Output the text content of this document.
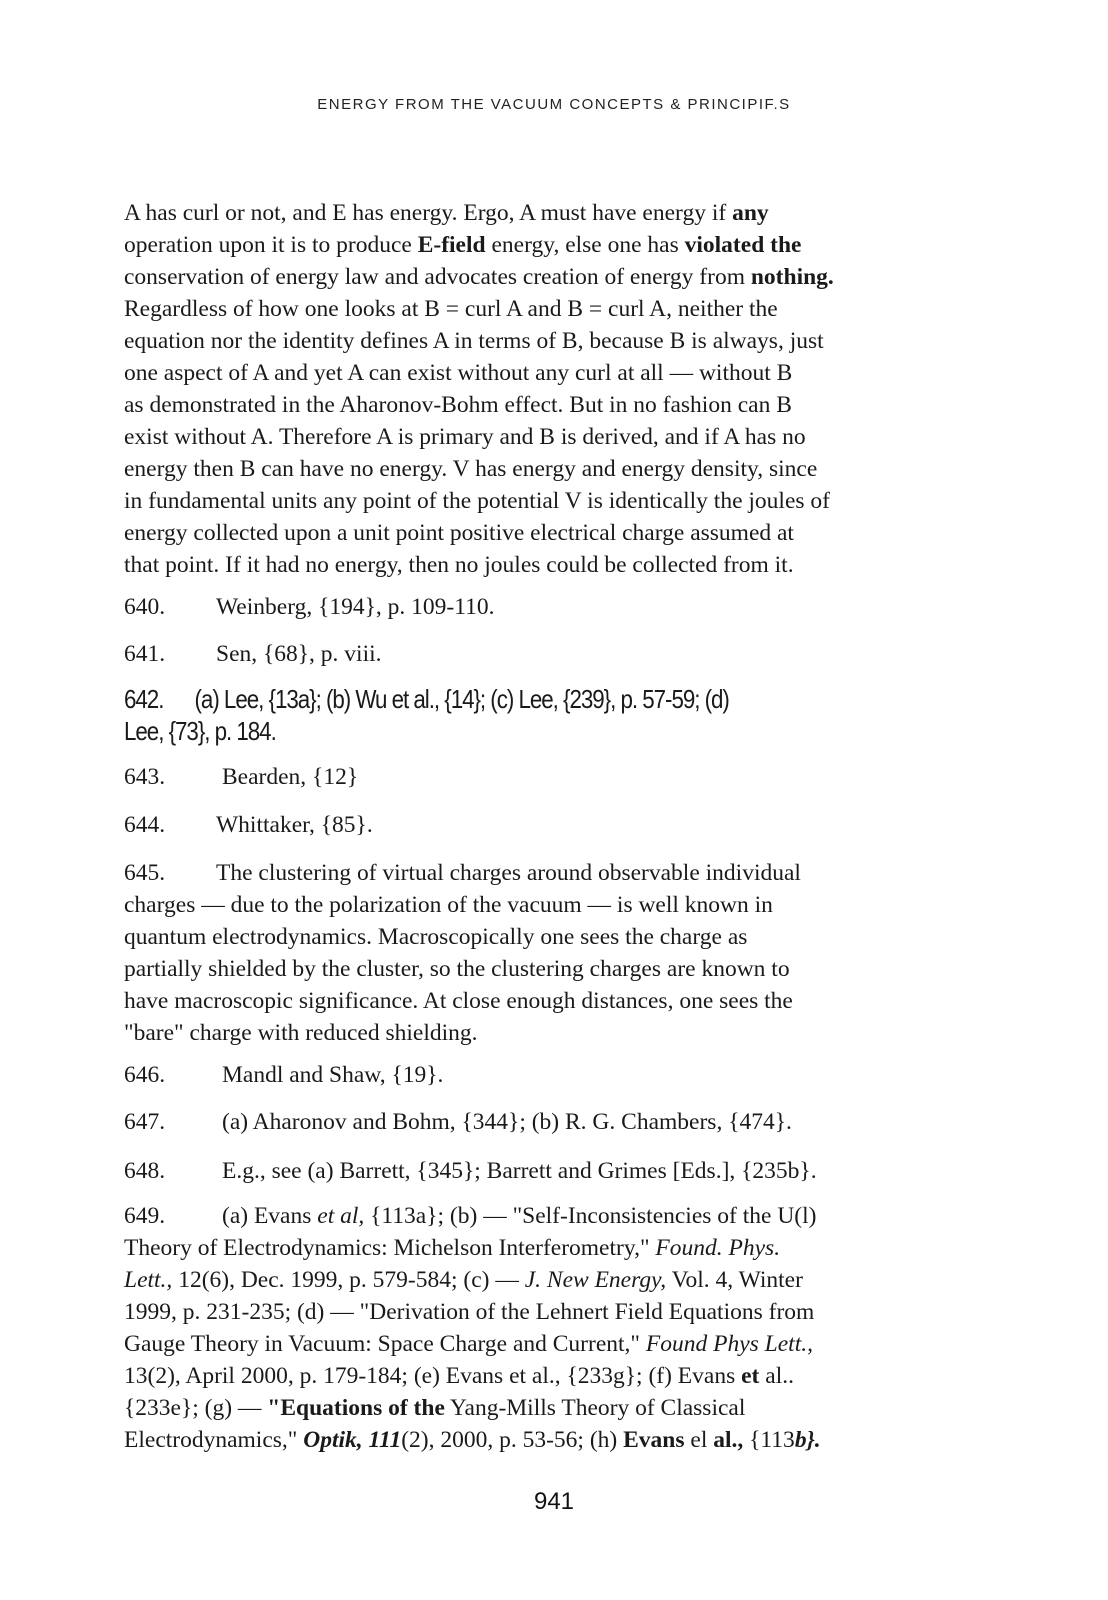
ENERGY FROM THE VACUUM CONCEPTS & PRINCIPIF.S
A has curl or not, and E has energy. Ergo, A must have energy if any
operation upon it is to produce E-field energy, else one has violated the
conservation of energy law and advocates creation of energy from nothing.
Regardless of how one looks at B = curl A and B = curl A, neither the
equation nor the identity defines A in terms of B, because B is always, just
one aspect of A and yet A can exist without any curl at all — without B
as demonstrated in the Aharonov-Bohm effect. But in no fashion can B
exist without A. Therefore A is primary and B is derived, and if A has no
energy then B can have no energy. V has energy and energy density, since
in fundamental units any point of the potential V is identically the joules of
energy collected upon a unit point positive electrical charge assumed at
that point. If it had no energy, then no joules could be collected from it.
640. Weinberg, {194}, p. 109-110.
641. Sen, {68}, p. viii.
642. (a) Lee, {13a}; (b) Wu et al., {14}; (c) Lee, {239}, p. 57-59; (d)
Lee, {73}, p. 184.
643. Bearden, {12}
644. Whittaker, {85}.
645. The clustering of virtual charges around observable individual
charges — due to the polarization of the vacuum — is well known in
quantum electrodynamics. Macroscopically one sees the charge as
partially shielded by the cluster, so the clustering charges are known to
have macroscopic significance. At close enough distances, one sees the
"bare" charge with reduced shielding.
646. Mandl and Shaw, {19}.
647. (a) Aharonov and Bohm, {344}; (b) R. G. Chambers, {474}.
648. E.g., see (a) Barrett, {345}; Barrett and Grimes [Eds.], {235b}.
649. (a) Evans et al, {113a}; (b) — "Self-Inconsistencies of the U(l)
Theory of Electrodynamics: Michelson Interferometry," Found. Phys.
Lett., 12(6), Dec. 1999, p. 579-584; (c) — J. New Energy, Vol. 4, Winter
1999, p. 231-235; (d) — "Derivation of the Lehnert Field Equations from
Gauge Theory in Vacuum: Space Charge and Current," Found Phys Lett.,
13(2), April 2000, p. 179-184; (e) Evans et al., {233g}; (f) Evans et al..
{233e}; (g) — "Equations of the Yang-Mills Theory of Classical
Electrodynamics," Optik, 111(2), 2000, p. 53-56; (h) Evans el al., {113b}.
941
